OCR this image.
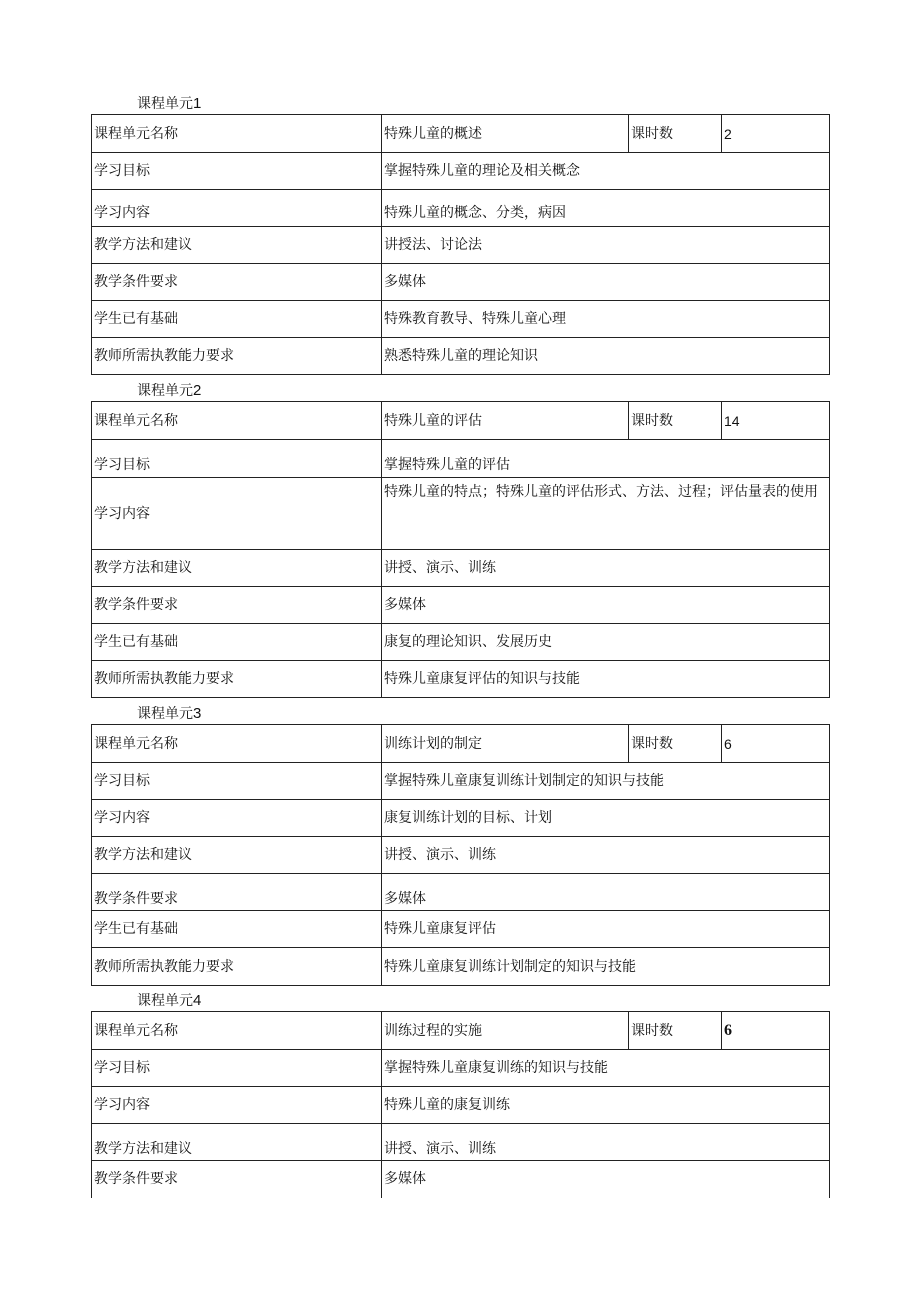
课程单元1
课程单元名称	特殊儿童的概述	课时数	2
学习目标	掌握特殊儿童的理论及相关概念		
学习内容	特殊儿童的概念、分类，病因		
教学方法和建议	讲授法、讨论法		
教学条件要求	多媒体		
学生已有基础	特殊教育教导、特殊儿童心理		
教师所需执教能力要求	熟悉特殊儿童的理论知识		
课程单元2
课程单元名称	特殊儿童的评估	课时数	14
学习目标	掌握特殊儿童的评估		
学习内容	特殊儿童的特点；特殊儿童的评估形式、方法、过程；评估量表的使用		
教学方法和建议	讲授、演示、训练		
教学条件要求	多媒体		
学生已有基础	康复的理论知识、发展历史		
教师所需执教能力要求	特殊儿童康复评估的知识与技能		
课程单元3
课程单元名称	训练计划的制定	课时数	6
学习目标	掌握特殊儿童康复训练计划制定的知识与技能		
学习内容	康复训练计划的目标、计划		
教学方法和建议	讲授、演示、训练		
教学条件要求	多媒体		
学生已有基础	特殊儿童康复评估		
教师所需执教能力要求	特殊儿童康复训练计划制定的知识与技能		
课程单元4
课程单元名称	训练过程的实施	课时数	6
学习目标	掌握特殊儿童康复训练的知识与技能		
学习内容	特殊儿童的康复训练		
教学方法和建议	讲授、演示、训练		
教学条件要求	多媒体		
